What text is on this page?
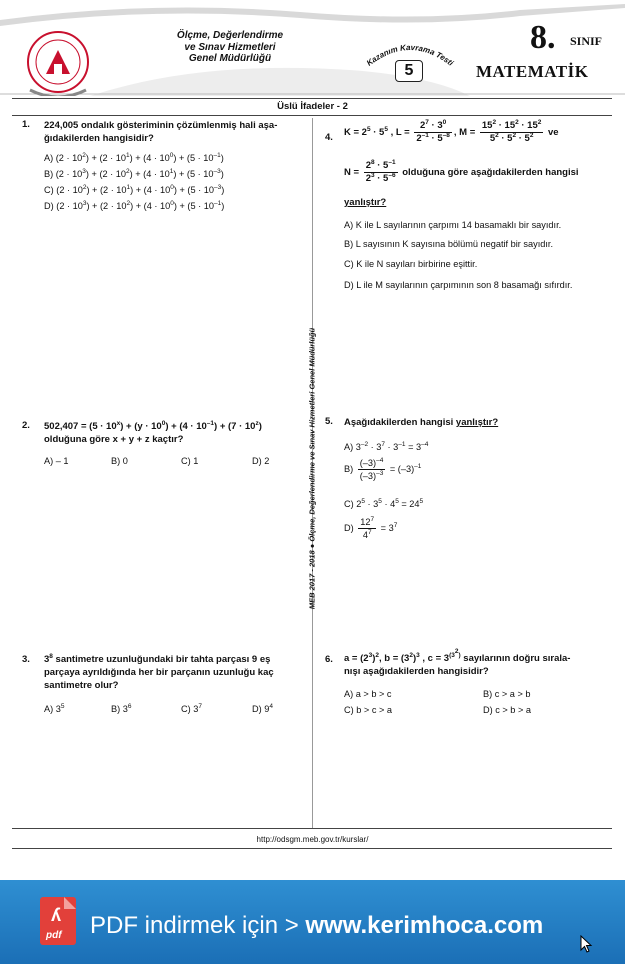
Ölçme, Değerlendirme
ve Sınav Hizmetleri
Genel Müdürlüğü	Kazanım Kavrama Testi
5
8. SINIF
MATEMATİK
Üslü İfadeler - 2
MEB 2017 - 2018 ● Ölçme, Değerlendirme ve Sınav Hizmetleri Genel Müdürlüğü
1. 224,005 ondalık gösteriminin çözümlenmiş hali aşa-
ğıdakilerden hangisidir?
A) $(2 \cdot 10^2) + (2 \cdot 10^1) + (4 \cdot 10^0) + (5 \cdot 10^{-1})$
B) $(2 \cdot 10^3) + (2 \cdot 10^2) + (4 \cdot 10^1) + (5 \cdot 10^{-3})$
C) $(2 \cdot 10^2) + (2 \cdot 10^1) + (4 \cdot 10^0) + (5 \cdot 10^{-3})$
D) $(2 \cdot 10^3) + (2 \cdot 10^2) + (4 \cdot 10^0) + (5 \cdot 10^{-1})$
2. $502,407 = (5 \cdot 10^x) + (y \cdot 10^0) + (4 \cdot 10^{-1}) + (7 \cdot 10^z)$
olduğuna göre x + y + z kaçtır?
A) – 1	B) 0	C) 1	D) 2
3. $3^8$ santimetre uzunluğundaki bir tahta parçası 9 eş
parçaya ayrıldığında her bir parçanın uzunluğu kaç
santimetre olur?
A) $3^5$	B) $3^6$	C) $3^7$	D) $9^4$
4. $K = 2^5 \cdot 5^5$ , $L = \frac{2^7 \cdot 3^0}{2^{-1} \cdot 5^{-8}}$ , $M = \frac{15^2 \cdot 15^2 \cdot 15^2}{5^2 \cdot 5^2 \cdot 5^2}$ ve
$N = \frac{2^8 \cdot 5^{-1}}{2^3 \cdot 5^{-6}}$ olduğuna göre aşağıdakilerden hangisi
yanlıştır?
A) K ile L sayılarının çarpımı 14 basamaklı bir sayıdır.
B) L sayısının K sayısına bölümü negatif bir sayıdır.
C) K ile N sayıları birbirine eşittir.
D) L ile M sayılarının çarpımının son 8 basamağı sıfırdır.
5. Aşağıdakilerden hangisi yanlıştır?
A) $3^{-2} \cdot 3^7 \cdot 3^{-1} = 3^{-4}$
$B) \frac{(-3)^{-4}}{(-3)^{-3}} = (-3)^{-1}$
C) $2^5 \cdot 3^5 \cdot 4^5 = 24^5$
$D) \frac{12^7}{4^7} = 3^7$
6. $a = (2^3)^2$, $b = (3^2)^3$ , $c = 3^{(3^2)}$ sayılarının doğru sırala-
nışı aşağıdakilerden hangisidir?
A) a > b > c	B) c > a > b
C) b > c > a	D) c > b > a
http://odsgm.meb.gov.tr/kurslar/
ʎ
pdf	PDF indirmek için > www.kerimhoca.com
